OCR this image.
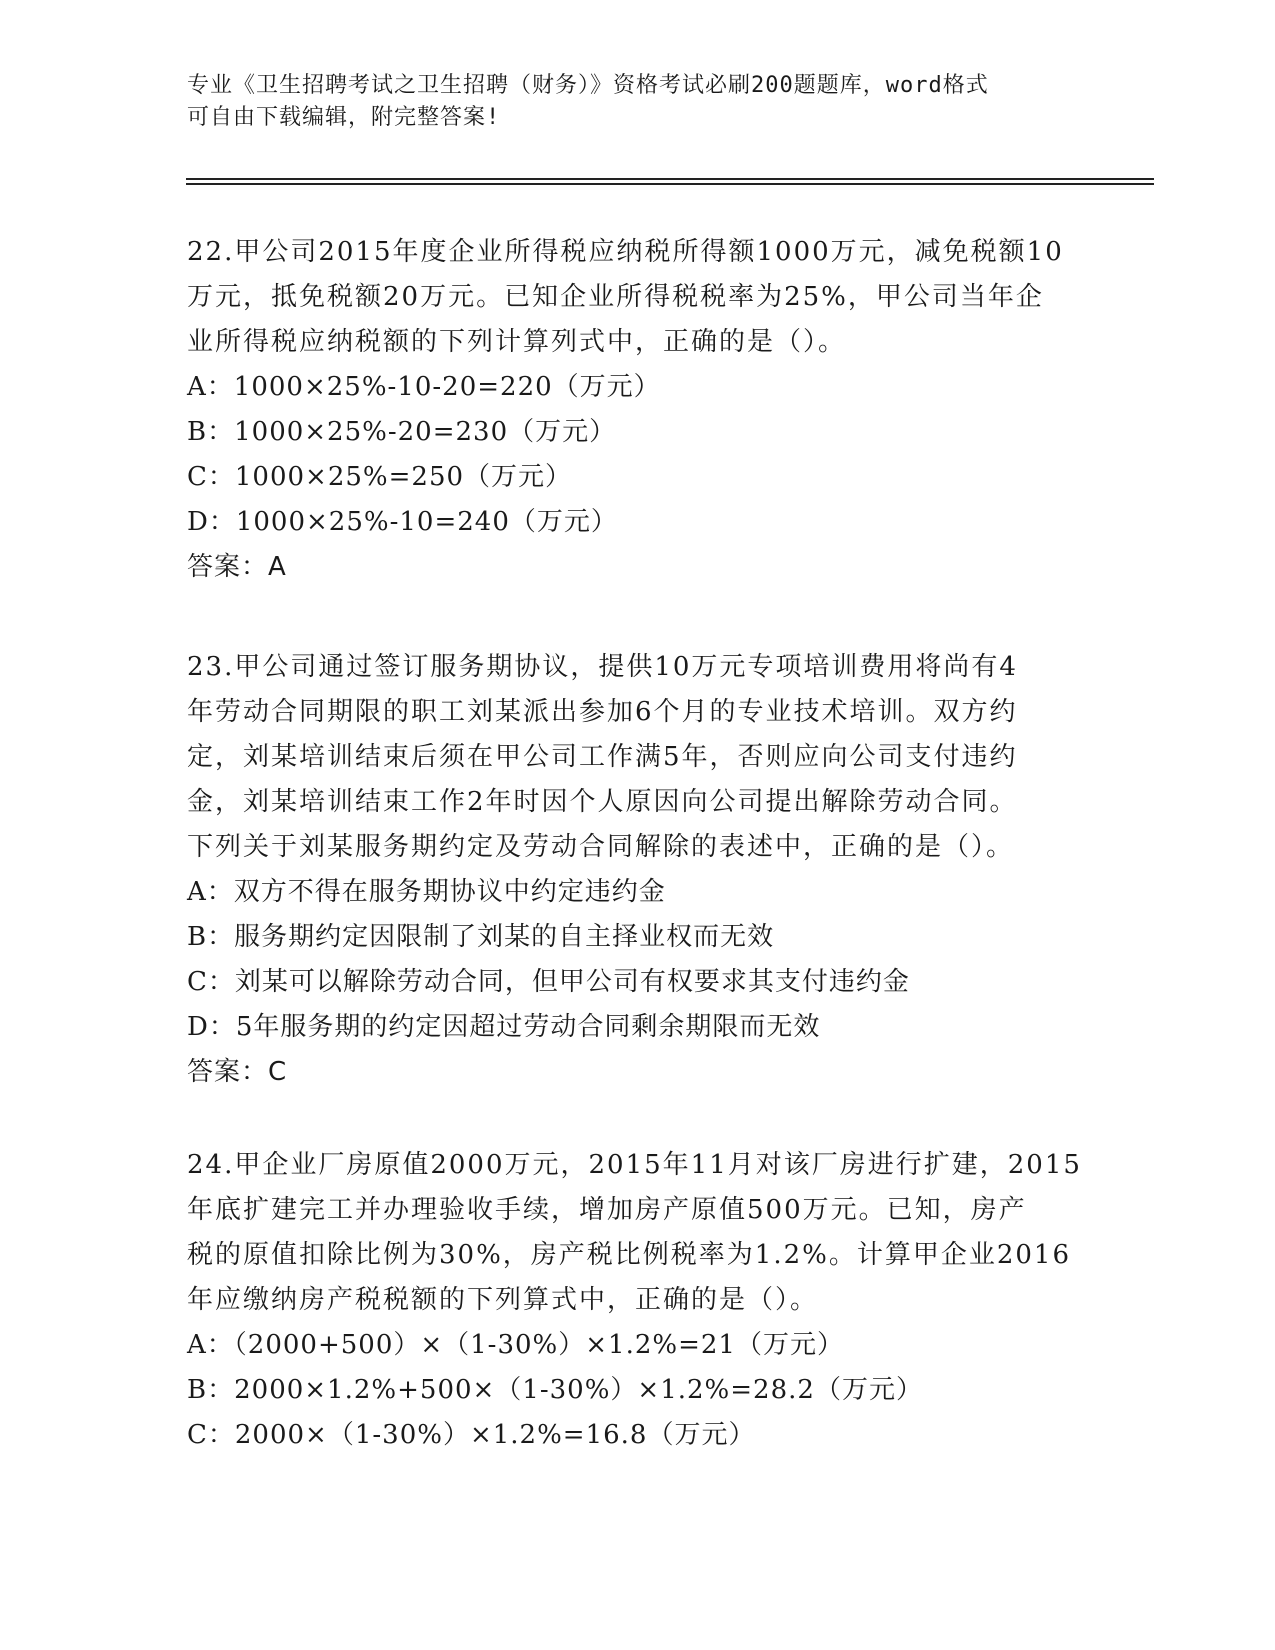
专业《卫生招聘考试之卫生招聘（财务）》资格考试必刷200题题库，word格式
可自由下载编辑，附完整答案!
22.甲公司2015年度企业所得税应纳税所得额1000万元，减免税额10
万元，抵免税额20万元。已知企业所得税税率为25%，甲公司当年企
业所得税应纳税额的下列计算列式中，正确的是（）。
A：1000×25%-10-20=220（万元）
B：1000×25%-20=230（万元）
C：1000×25%=250（万元）
D：1000×25%-10=240（万元）
答案：A
23.甲公司通过签订服务期协议，提供10万元专项培训费用将尚有4
年劳动合同期限的职工刘某派出参加6个月的专业技术培训。双方约
定，刘某培训结束后须在甲公司工作满5年，否则应向公司支付违约
金，刘某培训结束工作2年时因个人原因向公司提出解除劳动合同。
下列关于刘某服务期约定及劳动合同解除的表述中，正确的是（）。
A：双方不得在服务期协议中约定违约金
B：服务期约定因限制了刘某的自主择业权而无效
C：刘某可以解除劳动合同，但甲公司有权要求其支付违约金
D：5年服务期的约定因超过劳动合同剩余期限而无效
答案：C
24.甲企业厂房原值2000万元，2015年11月对该厂房进行扩建，2015
年底扩建完工并办理验收手续，增加房产原值500万元。已知，房产
税的原值扣除比例为30%，房产税比例税率为1.2%。计算甲企业2016
年应缴纳房产税税额的下列算式中，正确的是（）。
A：（2000+500）×（1-30%）×1.2%=21（万元）
B：2000×1.2%+500×（1-30%）×1.2%=28.2（万元）
C：2000×（1-30%）×1.2%=16.8（万元）
